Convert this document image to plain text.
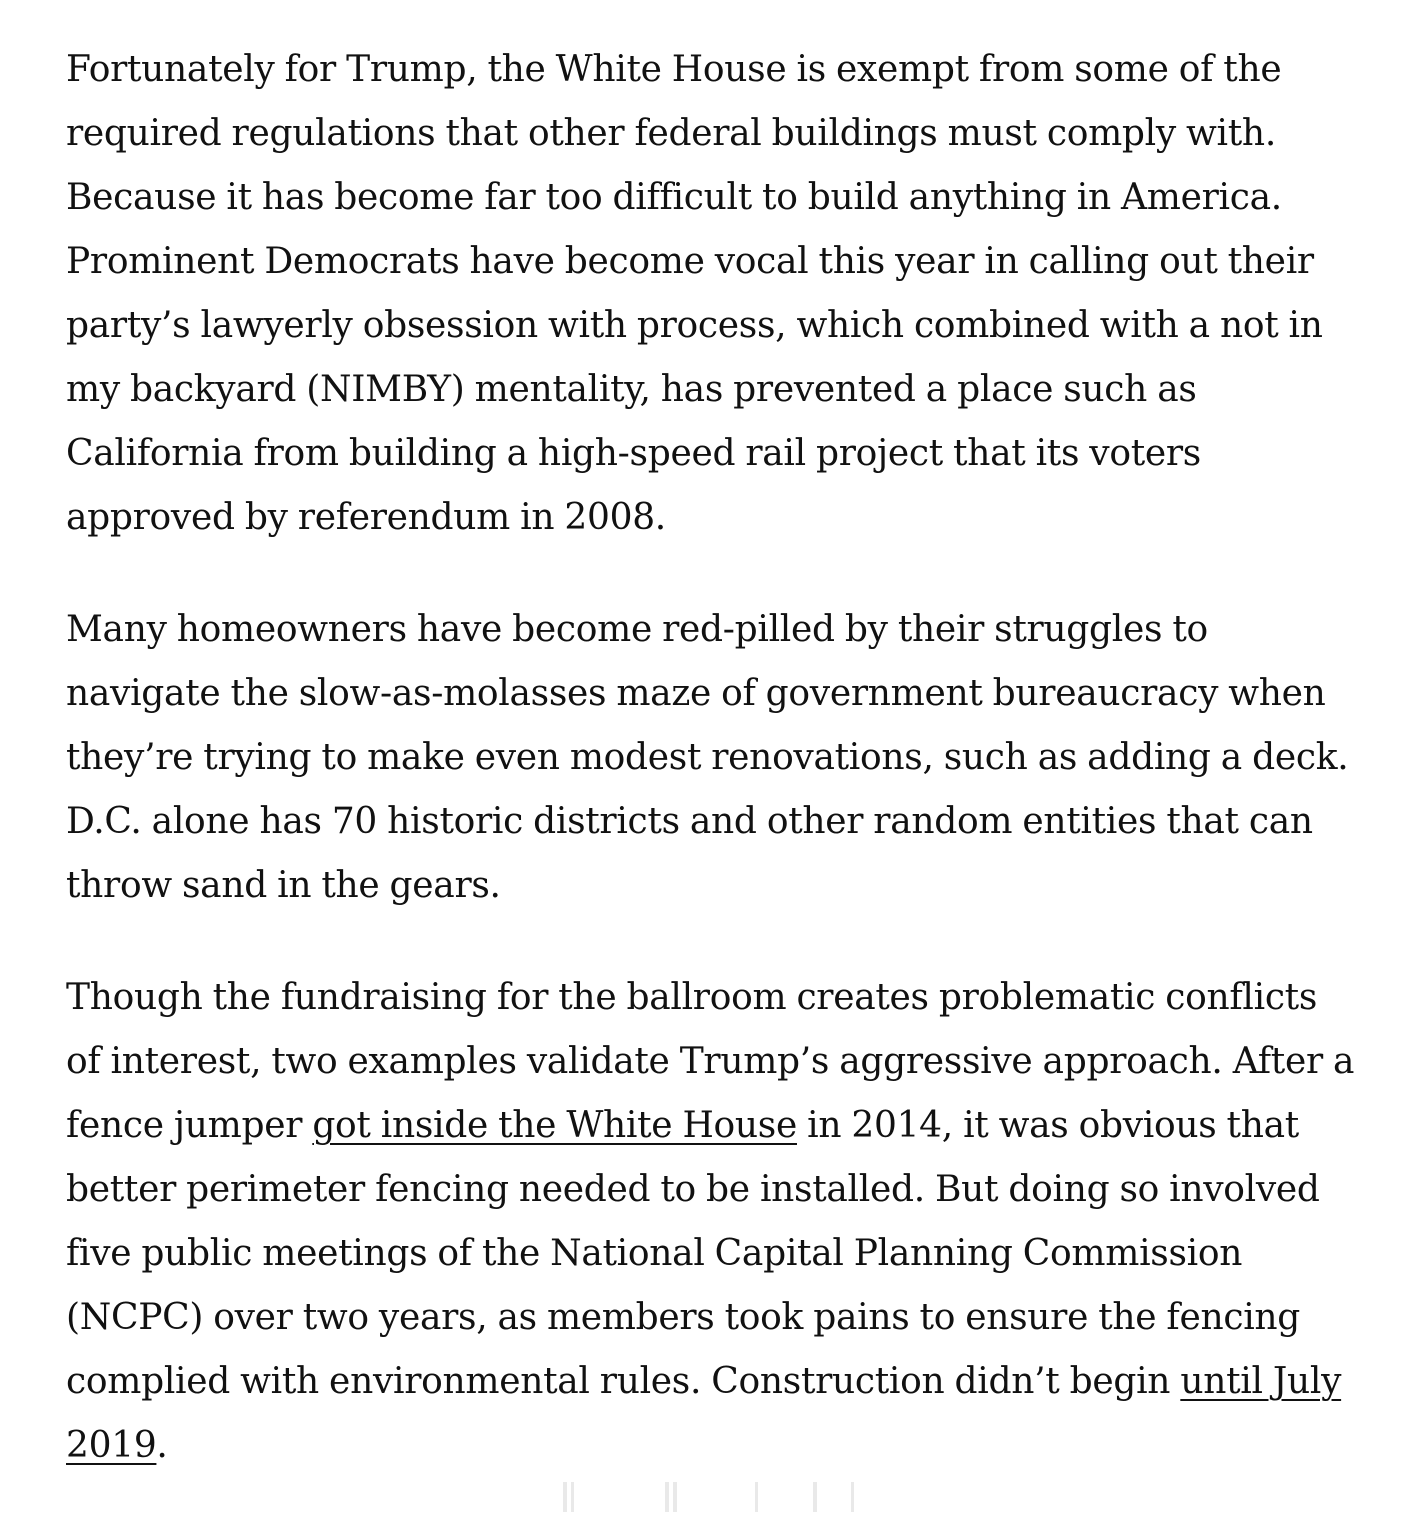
Fortunately for Trump, the White House is exempt from some of the required regulations that other federal buildings must comply with. Because it has become far too difficult to build anything in America. Prominent Democrats have become vocal this year in calling out their party’s lawyerly obsession with process, which combined with a not in my backyard (NIMBY) mentality, has prevented a place such as California from building a high-speed rail project that its voters approved by referendum in 2008.

Many homeowners have become red-pilled by their struggles to navigate the slow-as-molasses maze of government bureaucracy when they’re trying to make even modest renovations, such as adding a deck. D.C. alone has 70 historic districts and other random entities that can throw sand in the gears.

Though the fundraising for the ballroom creates problematic conflicts of interest, two examples validate Trump’s aggressive approach. After a fence jumper got inside the White House in 2014, it was obvious that better perimeter fencing needed to be installed. But doing so involved five public meetings of the National Capital Planning Commission (NCPC) over two years, as members took pains to ensure the fencing complied with environmental rules. Construction didn’t begin until July 2019.
